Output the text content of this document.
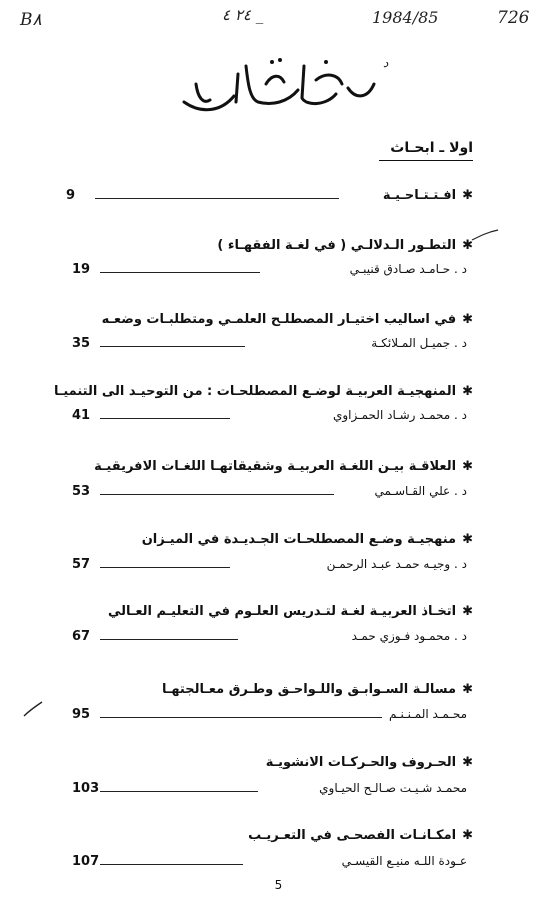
Β٨	٢٤ ٤ _	1984/85	726
د
اولا ـ ابحـاث
✱
افـتـتـاحـيـة
9
✱
التطـور الـدلالـي ( في لغـة الفقهـاء )
د . حـامـد صـادق قنيبـي
19
✱
في اساليب اختيـار المصطلـح العلمـي ومتطلبـات وضعـه
د . جميـل المـلائكـة
35
✱
المنهجيـة العربيـة لوضـع المصطلحـات : من التوحيـد الى التنميـا
د . محمـد رشـاد الحمـزاوي
41
✱
العلاقـة بيـن اللغـة العربيـة وشقيقاتهـا اللغـات الافريقيـة
د . علي القـاسـمي
53
✱
منهجيـة وضـع المصطلحـات الجـديـدة في الميـزان
د . وجيـه حمـد عبـد الرحمـن
57
✱
اتخـاذ العربيـة لغـة لتـدريس العلـوم في التعليـم العـالي
د . محمـود فـوزي حمـد
67
✱
مسالـة السـوابـق واللـواحـق وطـرق معـالجتهـا
محـمـد المـنـنـم
95
✱
الحـروف والحـركـات الانشويـة
محمـد شـيـت صـالـح الحيـاوي
103
✱
امكـانـات الفصحـى في التعـريـب
عـودة اللـه منيـع القيسـي
107
5
